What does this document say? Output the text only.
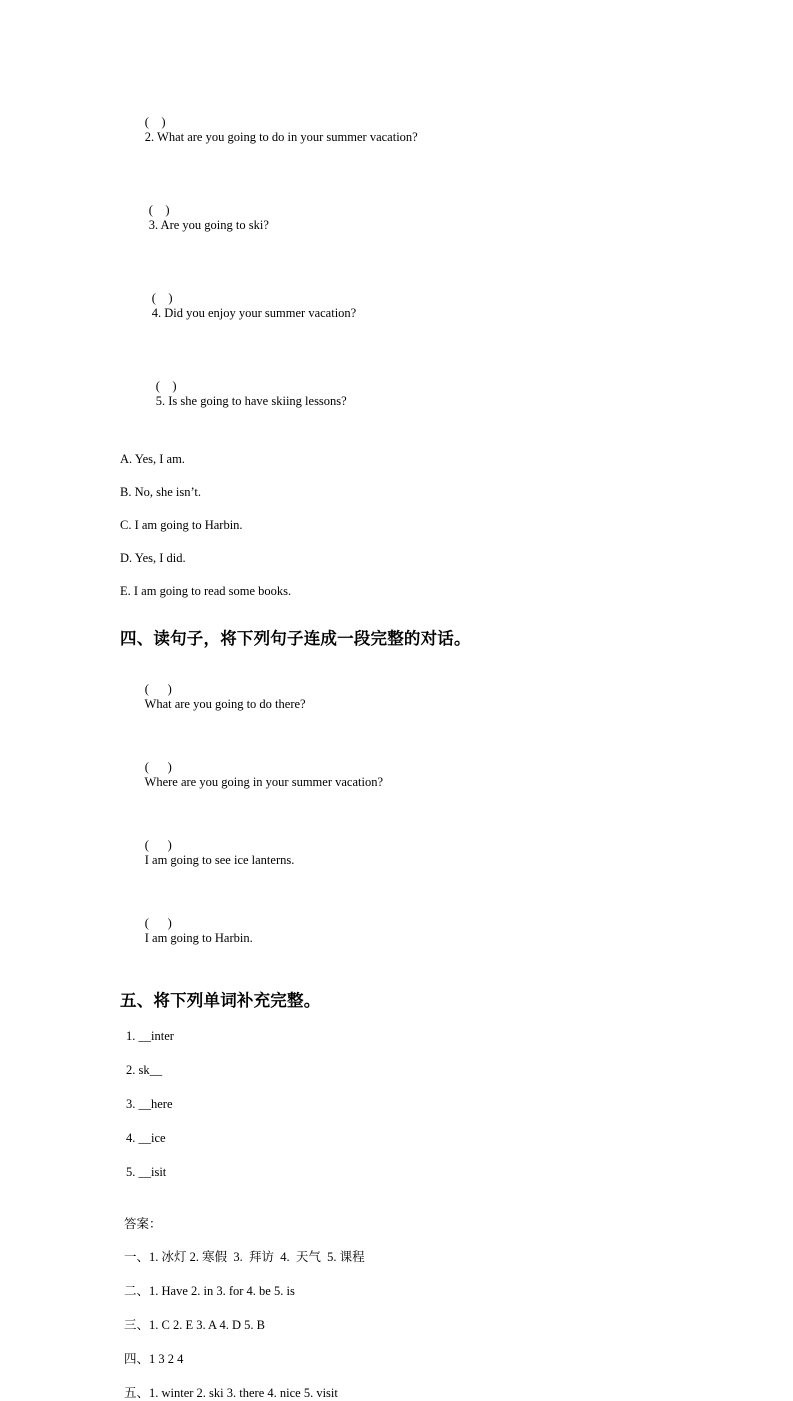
(    )
2. What are you going to do in your summer vacation?

(    )
3. Are you going to ski?

(    )
4. Did you enjoy your summer vacation?

(    )
5. Is she going to have skiing lessons?

A. Yes, I am.
B. No, she isn’t.
C. I am going to Harbin.
D. Yes, I did.
E. I am going to read some books.
四、读句子，将下列句子连成一段完整的对话。

(      )
What are you going to do there?

(      )
Where are you going in your summer vacation?

(      )
I am going to see ice lanterns.

(      )
I am going to Harbin.

五、将下列单词补充完整。
1. __inter
2. sk__
3. __here
4. __ice
5. __isit
答案：
一、1. 冰灯 2. 寒假  3.  拜访  4.  天气  5. 课程
二、1. Have 2. in 3. for 4. be 5. is
三、1. C 2. E 3. A 4. D 5. B
四、1 3 2 4
五、1. winter 2. ski 3. there 4. nice 5. visit
